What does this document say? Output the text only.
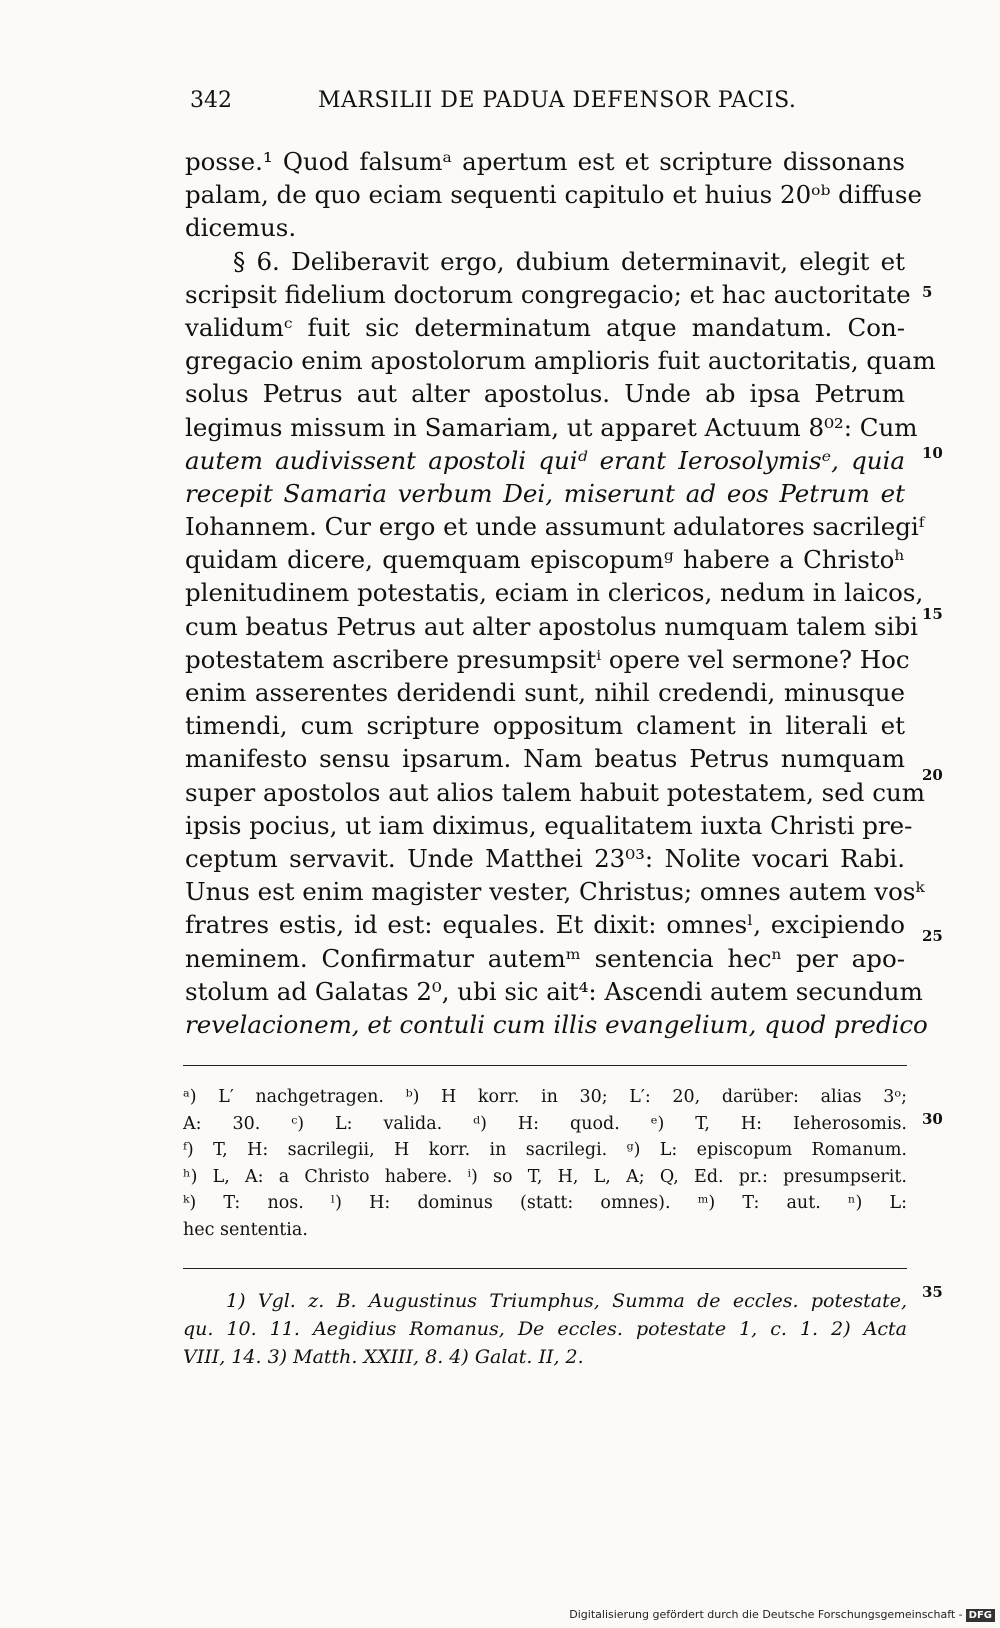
342	MARSILII DE PADUA DEFENSOR PACIS.
posse.¹ Quod falsumᵃ apertum est et scripture dissonans
palam, de quo eciam sequenti capitulo et huius 20ᵒᵇ diffuse
dicemus.
§ 6. Deliberavit ergo, dubium determinavit, elegit et
scripsit fidelium doctorum congregacio; et hac auctoritate
validumᶜ fuit sic determinatum atque mandatum. Con-
gregacio enim apostolorum amplioris fuit auctoritatis, quam
solus Petrus aut alter apostolus. Unde ab ipsa Petrum
legimus missum in Samariam, ut apparet Actuum 8⁰²: Cum
autem audivissent apostoli quiᵈ erant Ierosolymisᵉ, quia
recepit Samaria verbum Dei, miserunt ad eos Petrum et
Iohannem. Cur ergo et unde assumunt adulatores sacrilegiᶠ
quidam dicere, quemquam episcopumᵍ habere a Christoʰ
plenitudinem potestatis, eciam in clericos, nedum in laicos,
cum beatus Petrus aut alter apostolus numquam talem sibi
potestatem ascribere presumpsitⁱ opere vel sermone? Hoc
enim asserentes deridendi sunt, nihil credendi, minusque
timendi, cum scripture oppositum clament in literali et
manifesto sensu ipsarum. Nam beatus Petrus numquam
super apostolos aut alios talem habuit potestatem, sed cum
ipsis pocius, ut iam diximus, equalitatem iuxta Christi pre-
ceptum servavit. Unde Matthei 23⁰³: Nolite vocari Rabi.
Unus est enim magister vester, Christus; omnes autem vosᵏ
fratres estis, id est: equales. Et dixit: omnesˡ, excipiendo
neminem. Confirmatur autemᵐ sentencia hecⁿ per apo-
stolum ad Galatas 2⁰, ubi sic ait⁴: Ascendi autem secundum
revelacionem, et contuli cum illis evangelium, quod predico
5
10
15
20
25
30
35
ᵃ) L′ nachgetragen. ᵇ) H korr. in 30; L′: 20, darüber: alias 3ᵒ;
A: 30. ᶜ) L: valida. ᵈ) H: quod. ᵉ) T, H: Ieherosomis.
ᶠ) T, H: sacrilegii, H korr. in sacrilegi. ᵍ) L: episcopum Romanum.
ʰ) L, A: a Christo habere. ⁱ) so T, H, L, A; Q, Ed. pr.: presumpserit.
ᵏ) T: nos. ˡ) H: dominus (statt: omnes). ᵐ) T: aut. ⁿ) L:
hec sententia.
1) Vgl. z. B. Augustinus Triumphus, Summa de eccles. potestate,
qu. 10. 11. Aegidius Romanus, De eccles. potestate 1, c. 1. 2) Acta
VIII, 14. 3) Matth. XXIII, 8. 4) Galat. II, 2.
Digitalisierung gefördert durch die Deutsche Forschungsgemeinschaft - DFG
